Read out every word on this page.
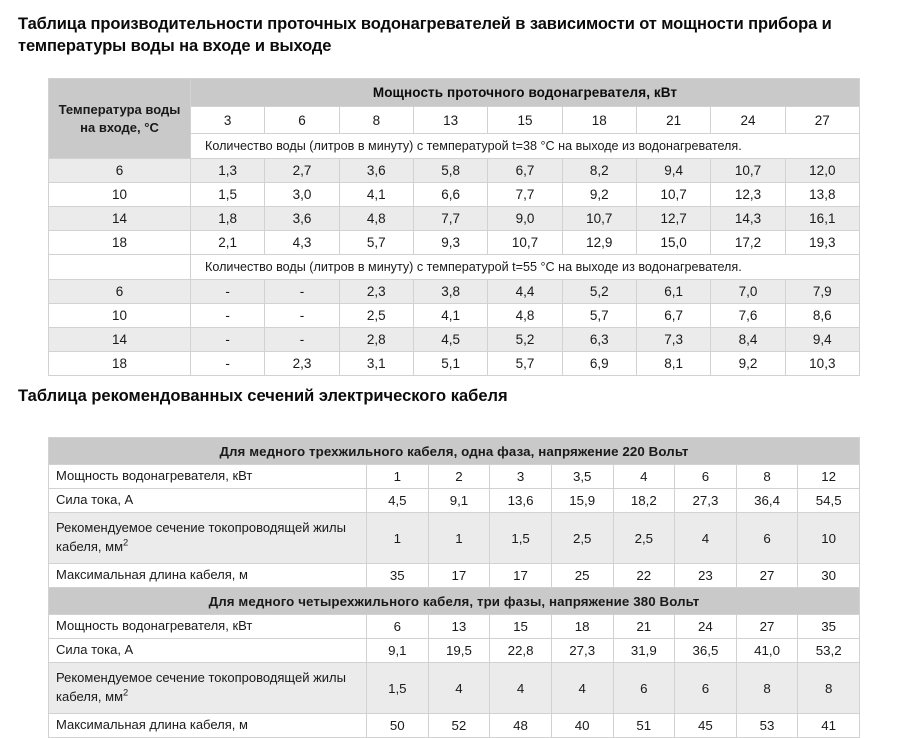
Таблица производительности проточных водонагревателей в зависимости от мощности прибора и температуры воды на входе и выходе
Температура воды на входе, °C	Мощность проточного водонагревателя, кВт								
	3	6	8	13	15	18	21	24	27
	Количество воды (литров в минуту) с температурой t=38 °С на выходе из водонагревателя.								
6	1,3	2,7	3,6	5,8	6,7	8,2	9,4	10,7	12,0
10	1,5	3,0	4,1	6,6	7,7	9,2	10,7	12,3	13,8
14	1,8	3,6	4,8	7,7	9,0	10,7	12,7	14,3	16,1
18	2,1	4,3	5,7	9,3	10,7	12,9	15,0	17,2	19,3
	Количество воды (литров в минуту) с температурой t=55 °С на выходе из водонагревателя.								
6	-	-	2,3	3,8	4,4	5,2	6,1	7,0	7,9
10	-	-	2,5	4,1	4,8	5,7	6,7	7,6	8,6
14	-	-	2,8	4,5	5,2	6,3	7,3	8,4	9,4
18	-	2,3	3,1	5,1	5,7	6,9	8,1	9,2	10,3
Таблица рекомендованных сечений электрического кабеля
Для медного трехжильного кабеля, одна фаза, напряжение 220 Вольт								
Мощность водонагревателя, кВт	1	2	3	3,5	4	6	8	12
Сила тока, А	4,5	9,1	13,6	15,9	18,2	27,3	36,4	54,5
Рекомендуемое сечение токопроводящей жилы кабеля, $мм^2$	1	1	1,5	2,5	2,5	4	6	10
Максимальная длина кабеля, м	35	17	17	25	22	23	27	30
Для медного четырехжильного кабеля, три фазы, напряжение 380 Вольт								
Мощность водонагревателя, кВт	6	13	15	18	21	24	27	35
Сила тока, А	9,1	19,5	22,8	27,3	31,9	36,5	41,0	53,2
Рекомендуемое сечение токопроводящей жилы кабеля, $мм^2$	1,5	4	4	4	6	6	8	8
Максимальная длина кабеля, м	50	52	48	40	51	45	53	41
